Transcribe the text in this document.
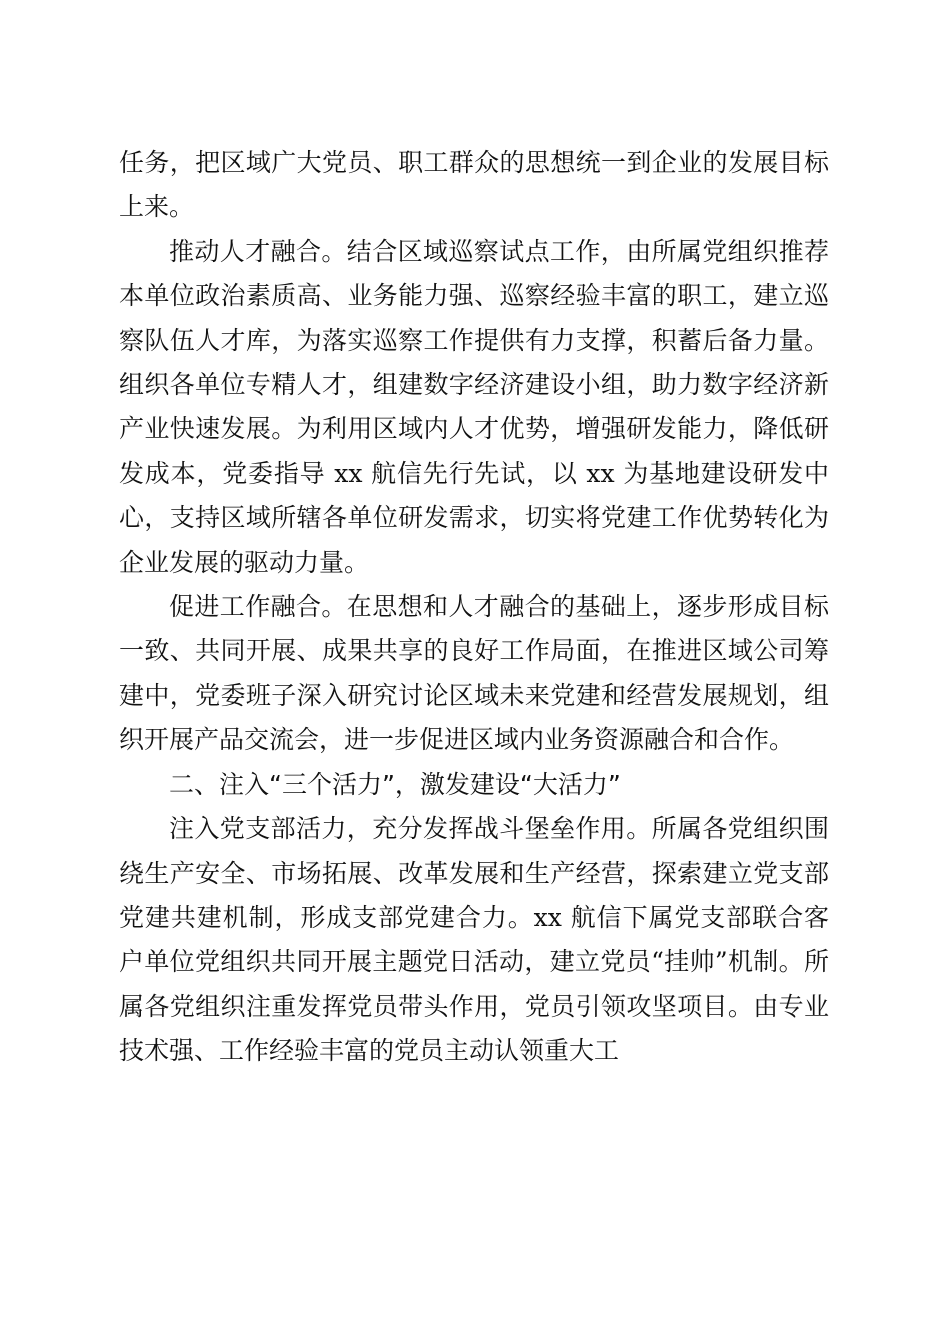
任务，把区域广大党员、职工群众的思想统一到企业的发展目标上来。

推动人才融合。结合区域巡察试点工作，由所属党组织推荐本单位政治素质高、业务能力强、巡察经验丰富的职工，建立巡察队伍人才库，为落实巡察工作提供有力支撑，积蓄后备力量。组织各单位专精人才，组建数字经济建设小组，助力数字经济新产业快速发展。为利用区域内人才优势，增强研发能力，降低研发成本，党委指导 xx 航信先行先试，以 xx 为基地建设研发中心，支持区域所辖各单位研发需求，切实将党建工作优势转化为企业发展的驱动力量。

促进工作融合。在思想和人才融合的基础上，逐步形成目标一致、共同开展、成果共享的良好工作局面，在推进区域公司筹建中，党委班子深入研究讨论区域未来党建和经营发展规划，组织开展产品交流会，进一步促进区域内业务资源融合和合作。

二、注入“三个活力”，激发建设“大活力”

注入党支部活力，充分发挥战斗堡垒作用。所属各党组织围绕生产安全、市场拓展、改革发展和生产经营，探索建立党支部党建共建机制，形成支部党建合力。xx 航信下属党支部联合客户单位党组织共同开展主题党日活动，建立党员“挂帅”机制。所属各党组织注重发挥党员带头作用，党员引领攻坚项目。由专业技术强、工作经验丰富的党员主动认领重大工
